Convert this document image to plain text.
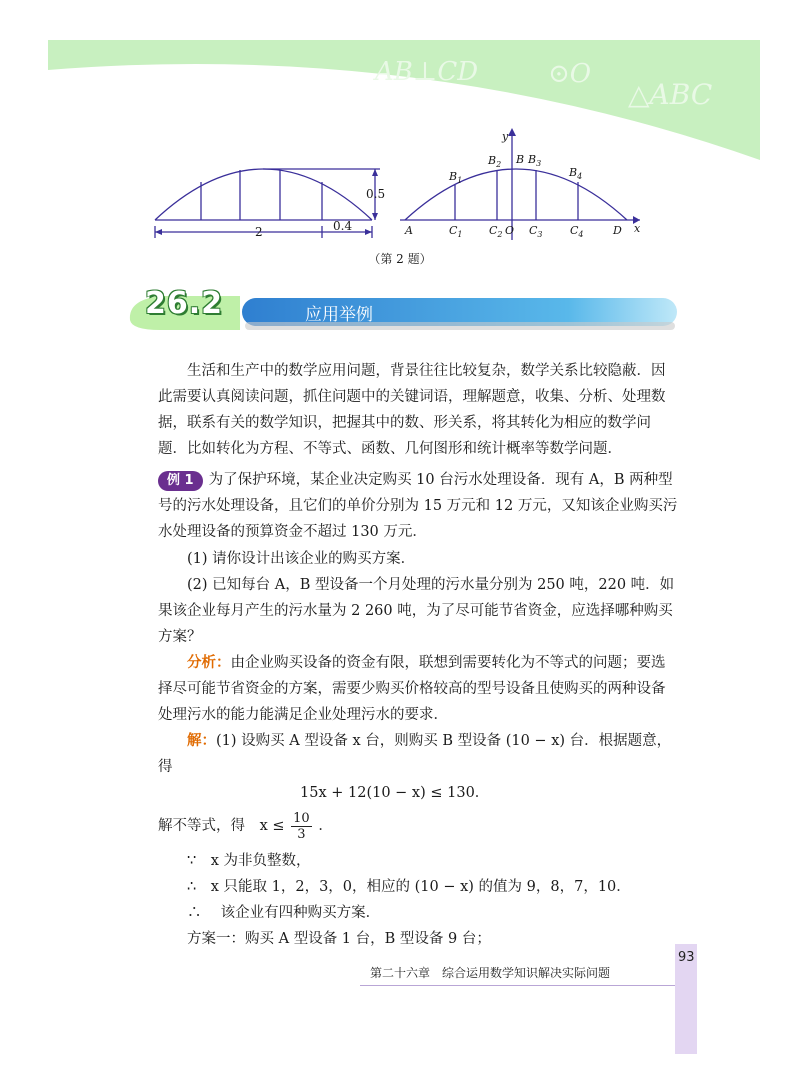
AB⊥CD	⊙O
△ABC
0.5
2	0.4
y
x
$B_1$
$B_2$ B $B_3$
$B_4$
A	$C_1$ $C_2$ O $C_3$ $C_4$	D
（第 2 题）
26.2	应用举例

生活和生产中的数学应用问题，背景往往比较复杂，数学关系比较隐蔽．因此需要认真阅读问题，抓住问题中的关键词语，理解题意，收集、分析、处理数据，联系有关的数学知识，把握其中的数、形关系，将其转化为相应的数学问题．比如转化为方程、不等式、函数、几何图形和统计概率等数学问题．

例 1 为了保护环境，某企业决定购买 10 台污水处理设备．现有 A，B 两种型号的污水处理设备，且它们的单价分别为 15 万元和 12 万元，又知该企业购买污水处理设备的预算资金不超过 130 万元．

(1) 请你设计出该企业的购买方案．

(2) 已知每台 A，B 型设备一个月处理的污水量分别为 250 吨，220 吨．如果该企业每月产生的污水量为 2 260 吨，为了尽可能节省资金，应选择哪种购买方案？

分析：由企业购买设备的资金有限，联想到需要转化为不等式的问题；要选择尽可能节省资金的方案，需要少购买价格较高的型号设备且使购买的两种设备处理污水的能力能满足企业处理污水的要求．

解：(1) 设购买 A 型设备 x 台，则购买 B 型设备 (10 − x) 台．根据题意，得

15x + 12(10 − x) ≤ 130．
解不等式，得 $x \le \frac{10}{3}$ ．
∵　x 为非负整数，
∴　x 只能取 1，2，3，0，相应的 (10 − x) 的值为 9，8，7，10．
∴　 该企业有四种购买方案．
方案一：购买 A 型设备 1 台，B 型设备 9 台；
93
第二十六章　综合运用数学知识解决实际问题
